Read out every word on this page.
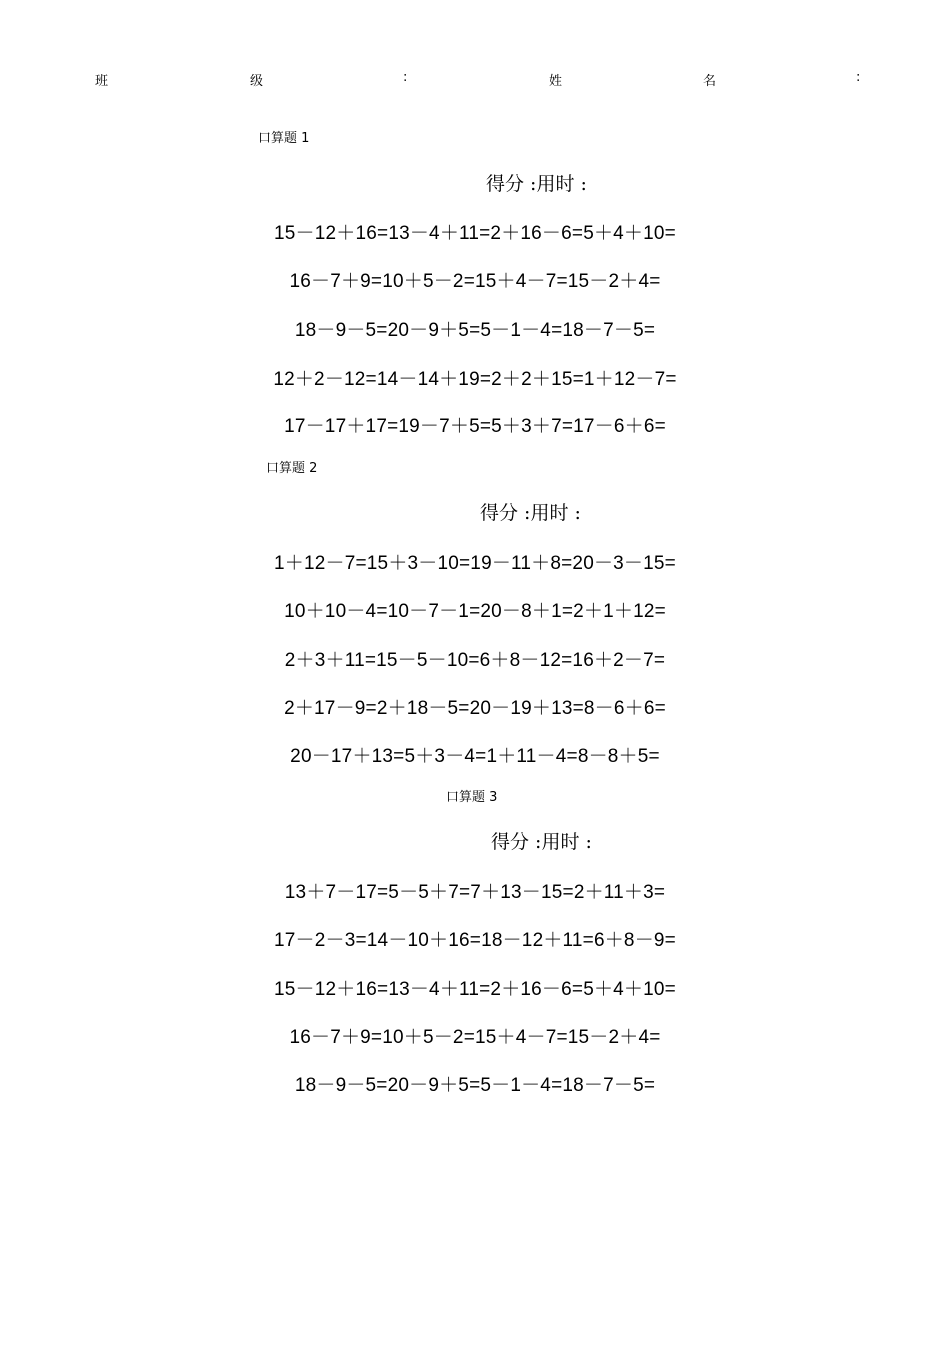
班	级	:	姓	名	:
口算题 1
得分 :用时 :
15－12＋16=13－4＋11=2＋16－6=5＋4＋10=
16－7＋9=10＋5－2=15＋4－7=15－2＋4=
18－9－5=20－9＋5=5－1－4=18－7－5=
12＋2－12=14－14＋19=2＋2＋15=1＋12－7=
17－17＋17=19－7＋5=5＋3＋7=17－6＋6=
口算题 2
得分 :用时 :
1＋12－7=15＋3－10=19－11＋8=20－3－15=
10＋10－4=10－7－1=20－8＋1=2＋1＋12=
2＋3＋11=15－5－10=6＋8－12=16＋2－7=
2＋17－9=2＋18－5=20－19＋13=8－6＋6=
20－17＋13=5＋3－4=1＋11－4=8－8＋5=
口算题 3
得分 :用时 :
13＋7－17=5－5＋7=7＋13－15=2＋11＋3=
17－2－3=14－10＋16=18－12＋11=6＋8－9=
15－12＋16=13－4＋11=2＋16－6=5＋4＋10=
16－7＋9=10＋5－2=15＋4－7=15－2＋4=
18－9－5=20－9＋5=5－1－4=18－7－5=
